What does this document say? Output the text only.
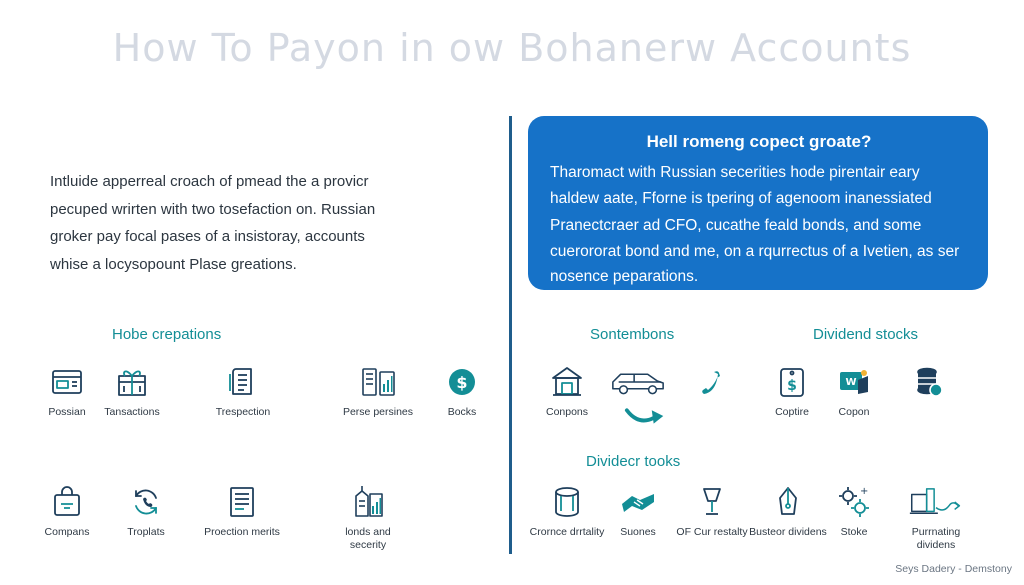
How To Payon in ow Bohanerw Accounts

Intluide apperreal croach of pmead the a provicr

pecuped wrirten with two tosefaction on. Russian

groker pay focal pases of a insistoray, accounts

whise a locysopount Plase greations.

Hell romeng copect groate?

Tharomact with Russian secerities hode pirentair eary

haldew aate, Fforne is tpering of agenoom inanessiated

Pranectcraer ad CFO, cucathe feald bonds, and some

cuerororat bond and me, on a rqurrectus of a Ivetien, as ser

nosence peparations.

Hobe crepations	Sontembons	Dividend stocks
Dividecr tooks
Possian	Tansactions	Trespection	Perse persines
$
Bocks
Compans	Troplats	Proection merits	londs and secerity
Conpons
$
Coptire
W
Copon
Crornce drrtality	Suones	OF Cur restalty Busteor dividens
+
Stoke	Purrnating dividens
Seys Dadery - Demstony
